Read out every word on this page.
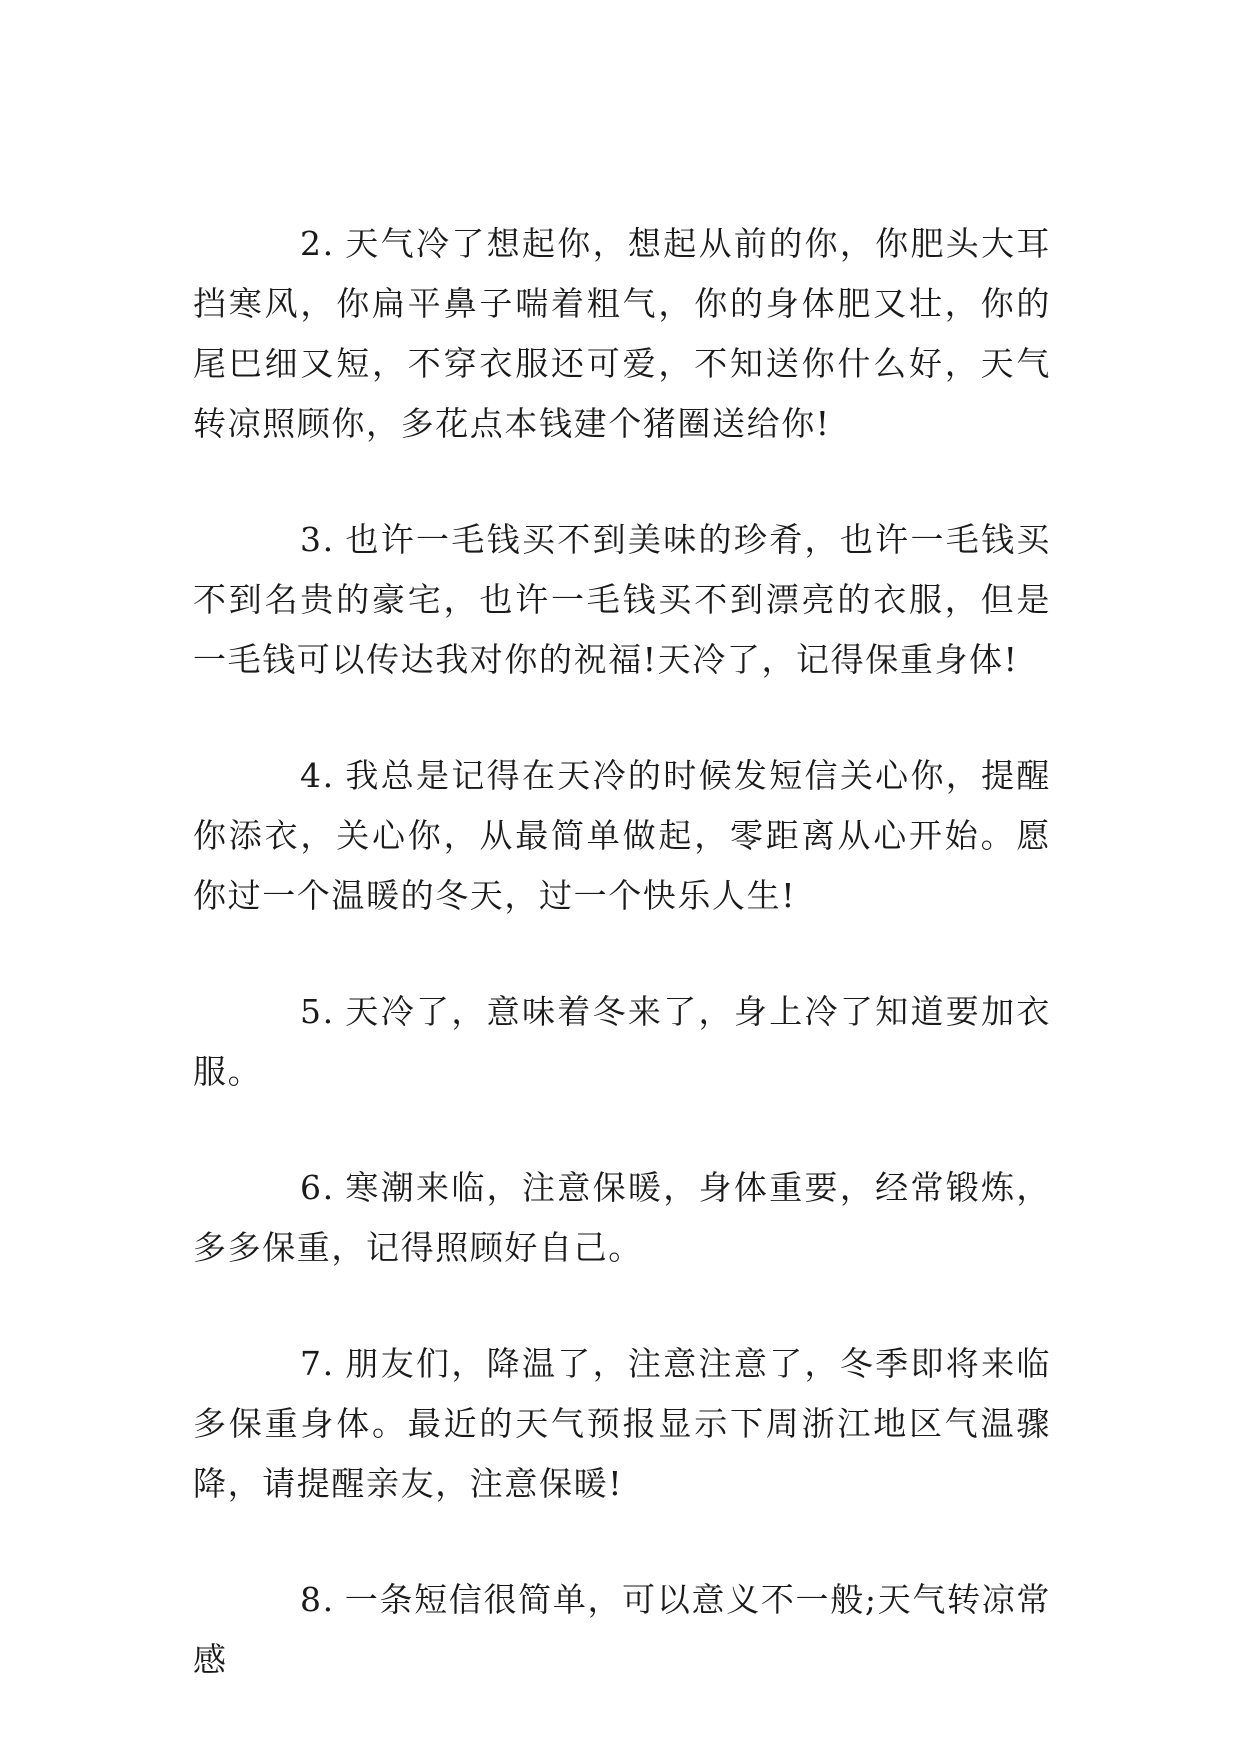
2. 天气冷了想起你，想起从前的你，你肥头大耳挡寒风，你扁平鼻子喘着粗气，你的身体肥又壮，你的尾巴细又短，不穿衣服还可爱，不知送你什么好，天气转凉照顾你，多花点本钱建个猪圈送给你!

3. 也许一毛钱买不到美味的珍肴，也许一毛钱买不到名贵的豪宅，也许一毛钱买不到漂亮的衣服，但是一毛钱可以传达我对你的祝福!天冷了，记得保重身体!

4. 我总是记得在天冷的时候发短信关心你，提醒你添衣，关心你，从最简单做起，零距离从心开始。愿你过一个温暖的冬天，过一个快乐人生!

5. 天冷了，意味着冬来了，身上冷了知道要加衣服。

6. 寒潮来临，注意保暖，身体重要，经常锻炼，多多保重，记得照顾好自己。

7. 朋友们，降温了，注意注意了，冬季即将来临多保重身体。最近的天气预报显示下周浙江地区气温骤降，请提醒亲友，注意保暖!

8. 一条短信很简单，可以意义不一般;天气转凉常感
